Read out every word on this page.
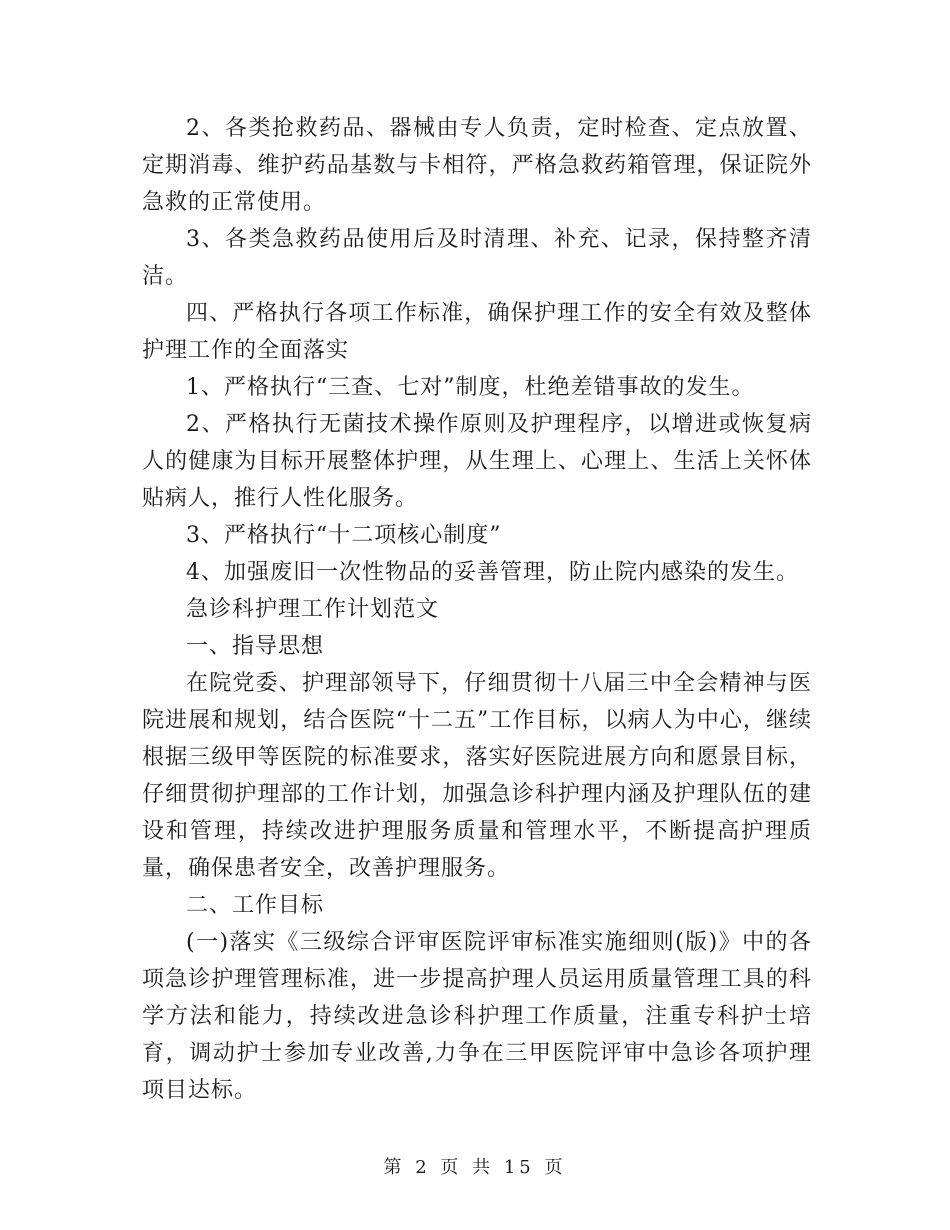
2、各类抢救药品、器械由专人负责，定时检查、定点放置、定期消毒、维护药品基数与卡相符，严格急救药箱管理，保证院外急救的正常使用。

3、各类急救药品使用后及时清理、补充、记录，保持整齐清洁。

四、严格执行各项工作标准，确保护理工作的安全有效及整体护理工作的全面落实

1、严格执行“三查、七对”制度，杜绝差错事故的发生。

2、严格执行无菌技术操作原则及护理程序，以增进或恢复病人的健康为目标开展整体护理，从生理上、心理上、生活上关怀体贴病人，推行人性化服务。

3、严格执行“十二项核心制度”

4、加强废旧一次性物品的妥善管理，防止院内感染的发生。

急诊科护理工作计划范文

一、指导思想

在院党委、护理部领导下，仔细贯彻十八届三中全会精神与医院进展和规划，结合医院“十二五”工作目标，以病人为中心，继续根据三级甲等医院的标准要求，落实好医院进展方向和愿景目标，仔细贯彻护理部的工作计划，加强急诊科护理内涵及护理队伍的建设和管理，持续改进护理服务质量和管理水平，不断提高护理质量，确保患者安全，改善护理服务。

二、工作目标

(一)落实《三级综合评审医院评审标准实施细则(版)》中的各项急诊护理管理标准，进一步提高护理人员运用质量管理工具的科学方法和能力，持续改进急诊科护理工作质量，注重专科护士培育，调动护士参加专业改善,力争在三甲医院评审中急诊各项护理项目达标。

第 2 页 共 15 页
